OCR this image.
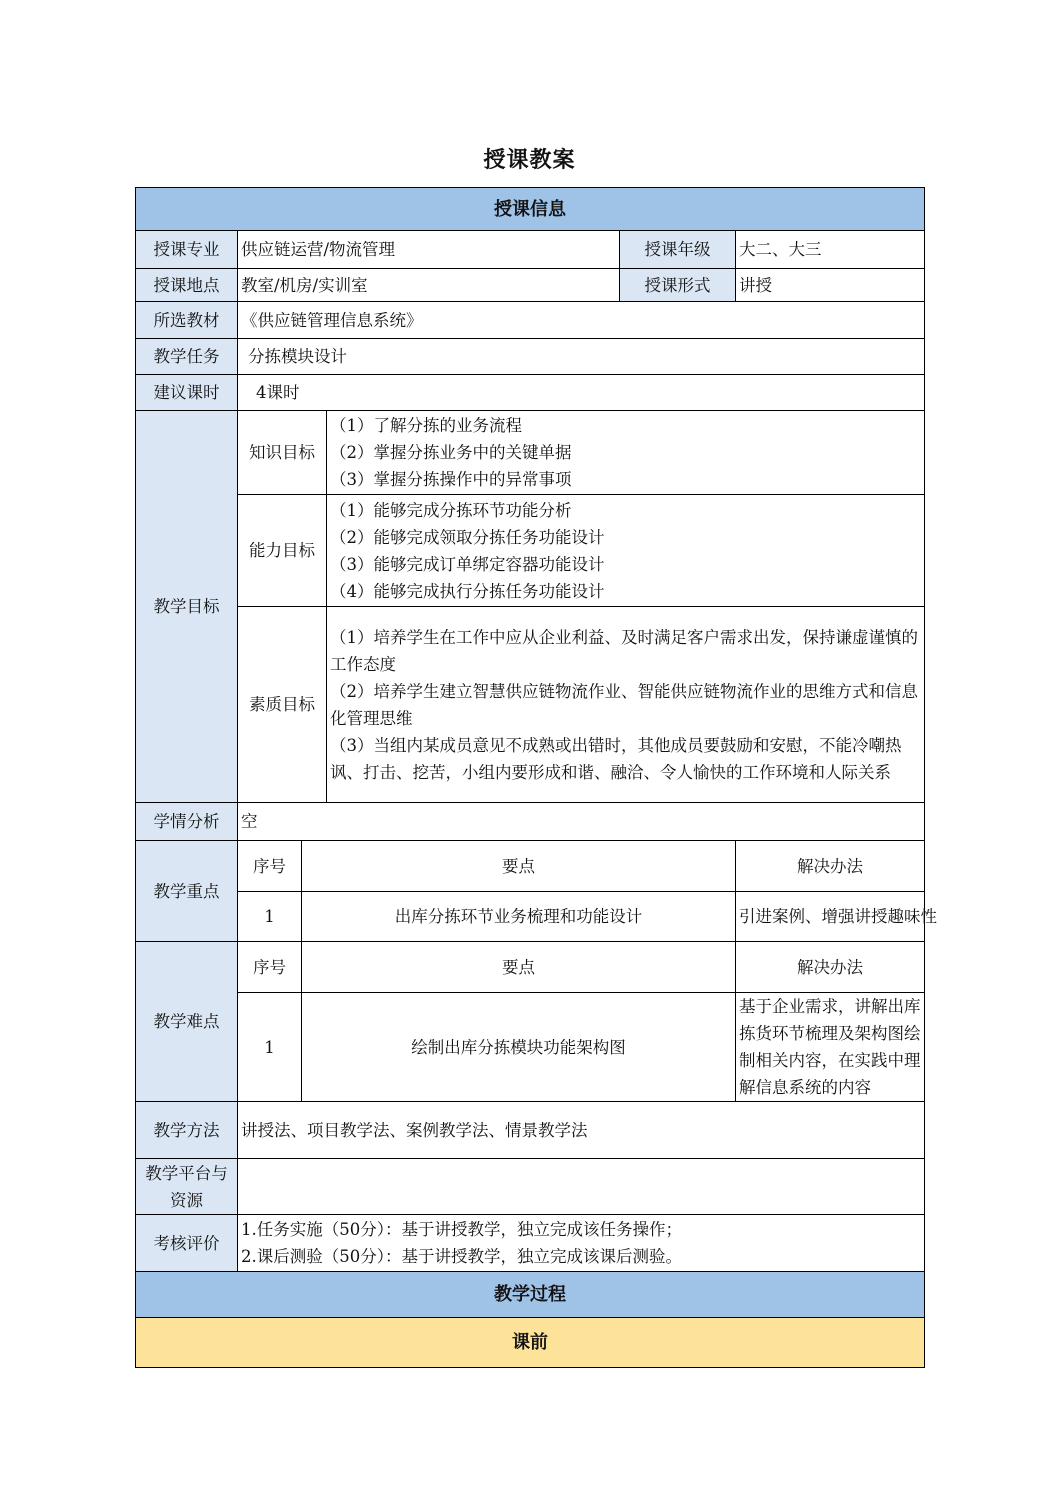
授课教案
授课信息					
授课专业	供应链运营/物流管理			授课年级	大二、大三
授课地点	教室/机房/实训室			授课形式	讲授
所选教材	《供应链管理信息系统》				
教学任务	分拣模块设计				
建议课时	4课时				
教学目标	知识目标		（1）了解分拣的业务流程
（2）掌握分拣业务中的关键单据
（3）掌握分拣操作中的异常事项		

	能力目标		（1）能够完成分拣环节功能分析
（2）能够完成领取分拣任务功能设计
（3）能够完成订单绑定容器功能设计
（4）能够完成执行分拣任务功能设计		

	素质目标		（1）培养学生在工作中应从企业利益、及时满足客户需求出发，保持谦虚谨慎的工作态度
（2）培养学生建立智慧供应链物流作业、智能供应链物流作业的思维方式和信息化管理思维
（3）当组内某成员意见不成熟或出错时，其他成员要鼓励和安慰，不能冷嘲热讽、打击、挖苦，小组内要形成和谐、融洽、令人愉快的工作环境和人际关系		

学情分析	空				
教学重点	序号	要点			解决办法
	1	出库分拣环节业务梳理和功能设计			引进案例、增强讲授趣味性
教学难点	序号	要点			解决办法
	1	绘制出库分拣模块功能架构图			基于企业需求，讲解出库拣货环节梳理及架构图绘制相关内容，在实践中理解信息系统的内容
教学方法	讲授法、项目教学法、案例教学法、情景教学法				
教学平台与资源					
考核评价	1.任务实施（50分）：基于讲授教学，独立完成该任务操作；
2.课后测验（50分）：基于讲授教学，独立完成该课后测验。				

教学过程					
课前					
